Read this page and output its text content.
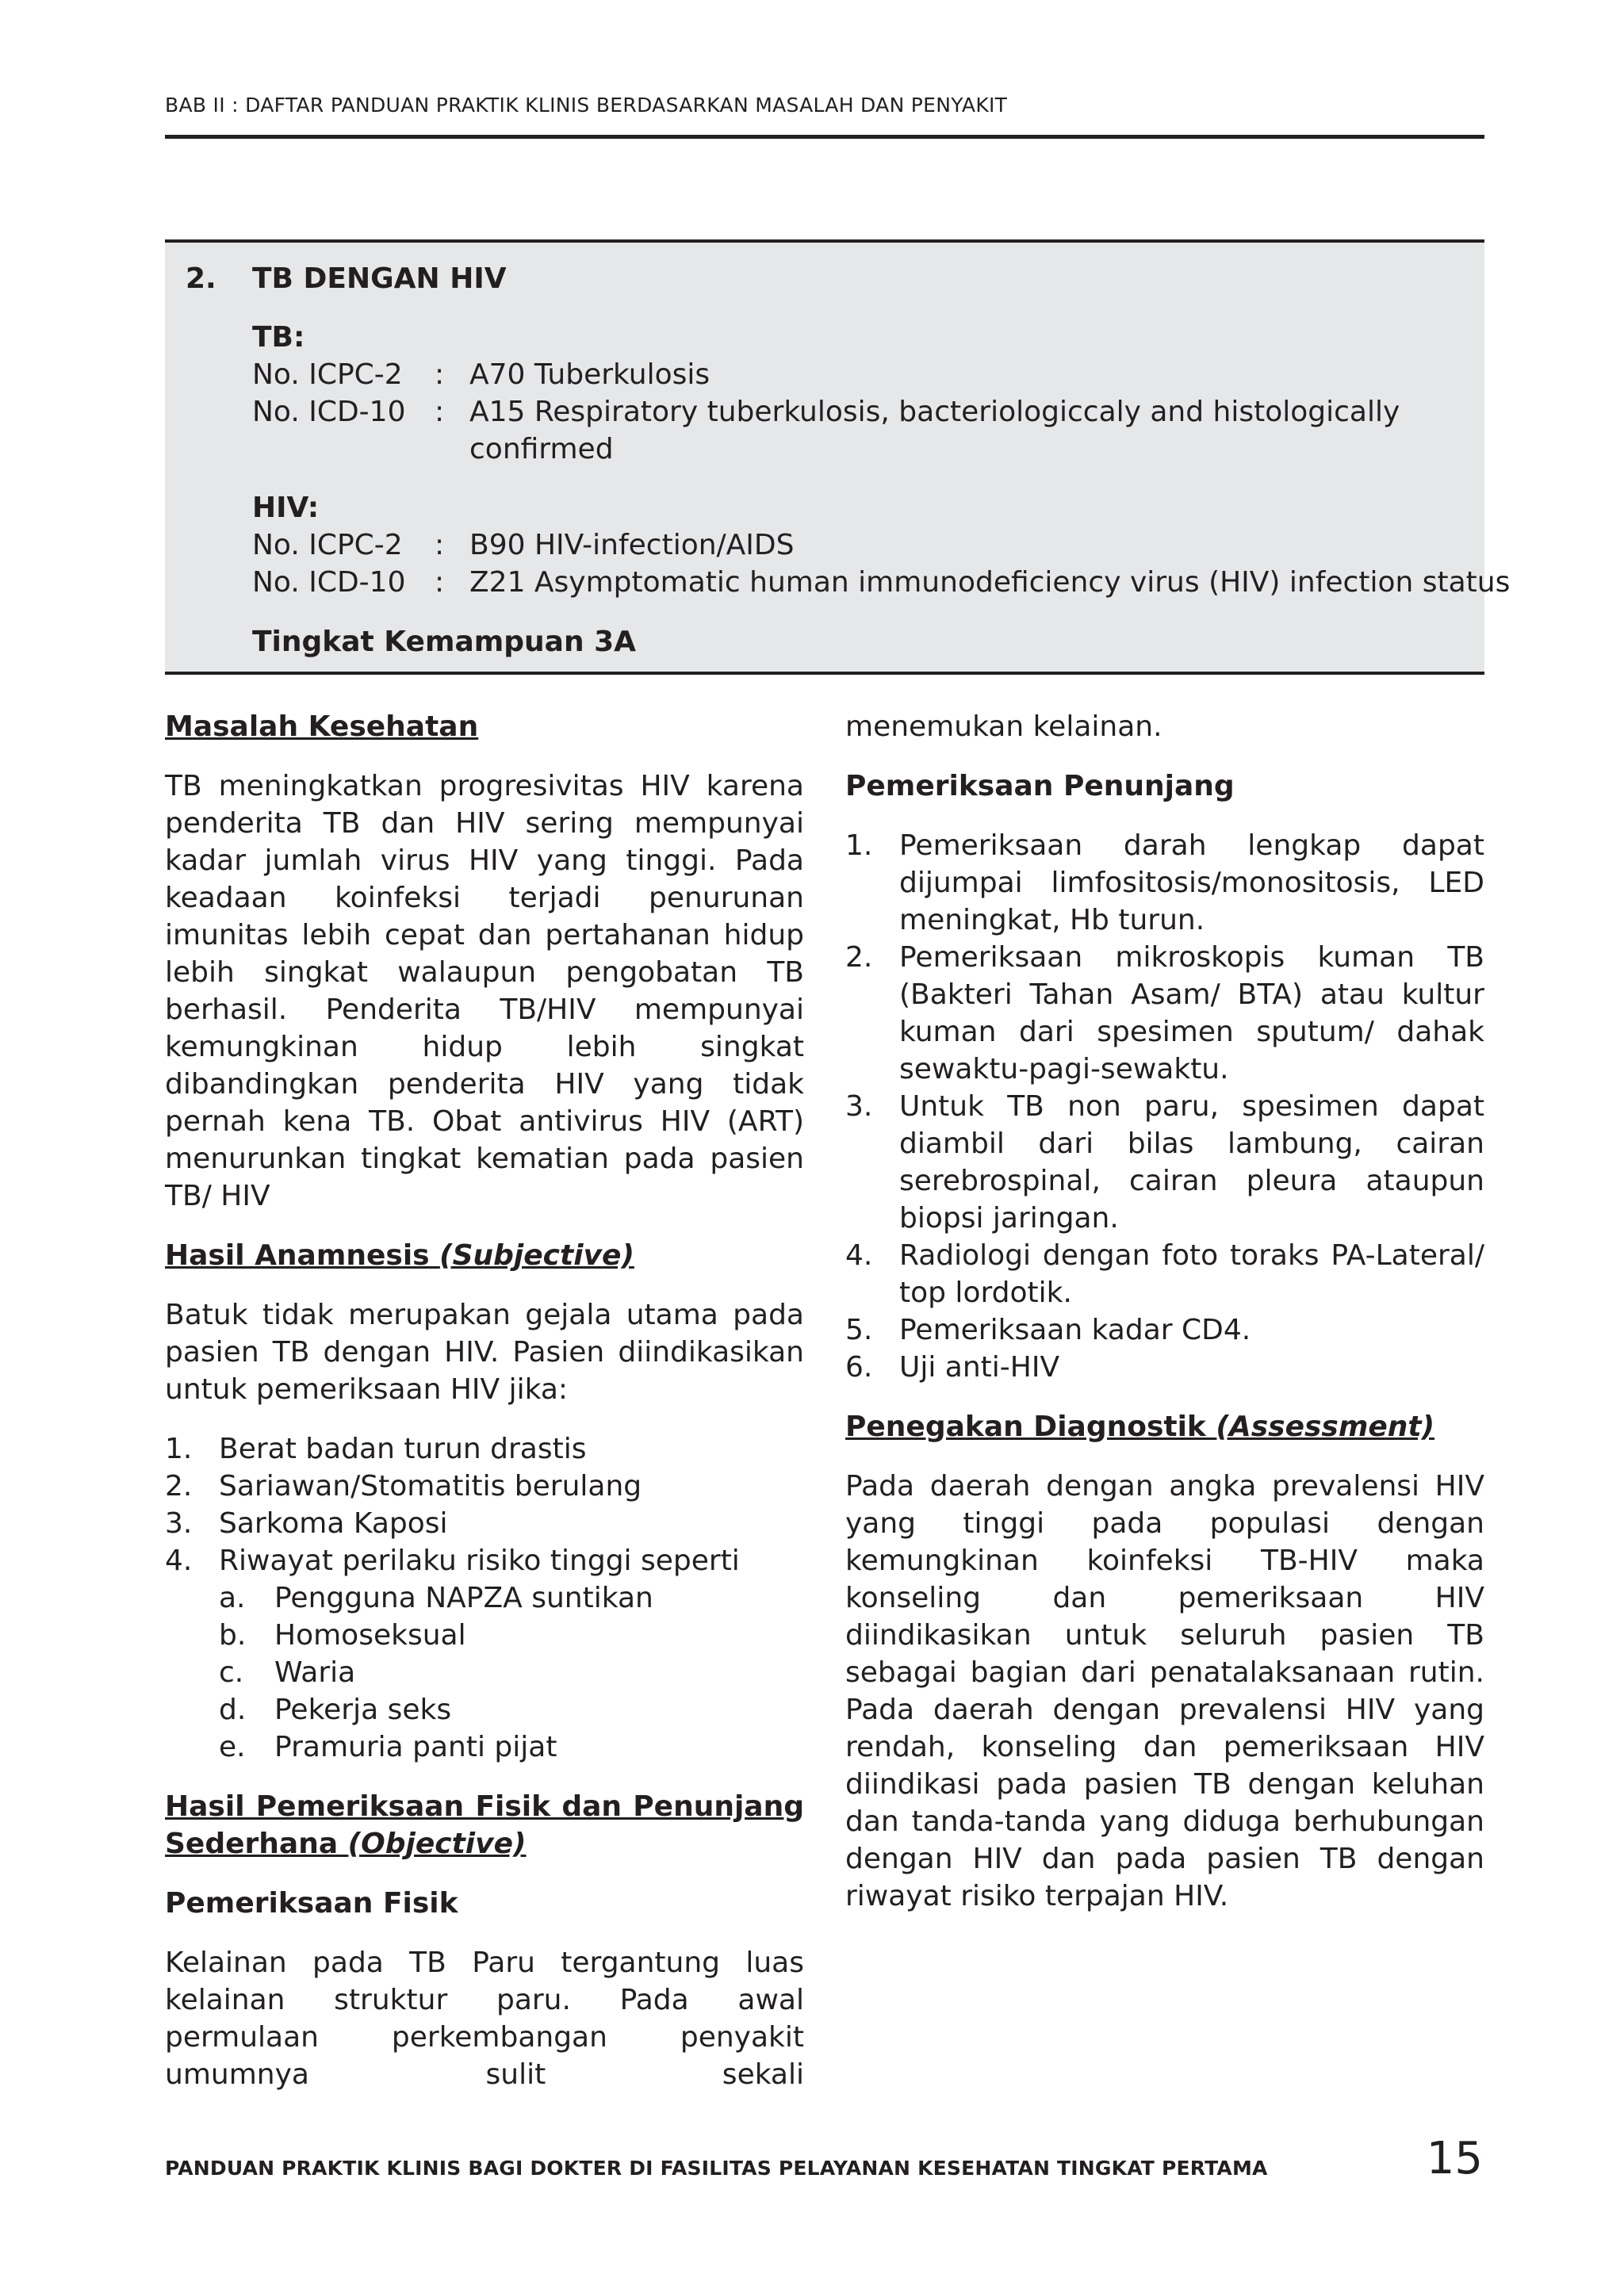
BAB II : DAFTAR PANDUAN PRAKTIK KLINIS BERDASARKAN MASALAH DAN PENYAKIT
2. TB DENGAN HIV
TB:
No. ICPC-2 : A70 Tuberkulosis
No. ICD-10 : A15 Respiratory tuberkulosis, bacteriologiccaly and histologically
confirmed
HIV:
No. ICPC-2 : B90 HIV-infection/AIDS
No. ICD-10 : Z21 Asymptomatic human immunodeficiency virus (HIV) infection status
Tingkat Kemampuan 3A
Masalah Kesehatan

TB meningkatkan progresivitas HIV karena penderita TB dan HIV sering mempunyai kadar jumlah virus HIV yang tinggi. Pada keadaan koinfeksi terjadi penurunan imunitas lebih cepat dan pertahanan hidup lebih singkat walaupun pengobatan TB berhasil. Penderita TB/HIV mempunyai kemungkinan hidup lebih singkat dibandingkan penderita HIV yang tidak pernah kena TB. Obat antivirus HIV (ART) menurunkan tingkat kematian pada pasien TB/ HIV

Hasil Anamnesis (Subjective)

Batuk tidak merupakan gejala utama pada pasien TB dengan HIV. Pasien diindikasikan untuk pemeriksaan HIV jika:

1. Berat badan turun drastis
2. Sariawan/Stomatitis berulang
3. Sarkoma Kaposi
4. Riwayat perilaku risiko tinggi seperti
a. Pengguna NAPZA suntikan
b. Homoseksual
c. Waria
d. Pekerja seks
e. Pramuria panti pijat
Hasil Pemeriksaan Fisik dan Penunjang
Sederhana (Objective)
Pemeriksaan Fisik

Kelainan pada TB Paru tergantung luas kelainan struktur paru. Pada awal permulaan perkembangan penyakit umumnya sulit sekali

menemukan kelainan.

Pemeriksaan Penunjang
1. Pemeriksaan darah lengkap dapat dijumpai limfositosis/monositosis, LED meningkat, Hb turun.
2. Pemeriksaan mikroskopis kuman TB (Bakteri Tahan Asam/ BTA) atau kultur kuman dari spesimen sputum/ dahak sewaktu-pagi-sewaktu.
3. Untuk TB non paru, spesimen dapat diambil dari bilas lambung, cairan serebrospinal, cairan pleura ataupun biopsi jaringan.
4. Radiologi dengan foto toraks PA-Lateral/ top lordotik.
5. Pemeriksaan kadar CD4.
6. Uji anti-HIV
Penegakan Diagnostik (Assessment)

Pada daerah dengan angka prevalensi HIV yang tinggi pada populasi dengan kemungkinan koinfeksi TB-HIV maka konseling dan pemeriksaan HIV diindikasikan untuk seluruh pasien TB sebagai bagian dari penatalaksanaan rutin. Pada daerah dengan prevalensi HIV yang rendah, konseling dan pemeriksaan HIV diindikasi pada pasien TB dengan keluhan dan tanda-tanda yang diduga berhubungan dengan HIV dan pada pasien TB dengan riwayat risiko terpajan HIV.

PANDUAN PRAKTIK KLINIS BAGI DOKTER DI FASILITAS PELAYANAN KESEHATAN TINGKAT PERTAMA	15
